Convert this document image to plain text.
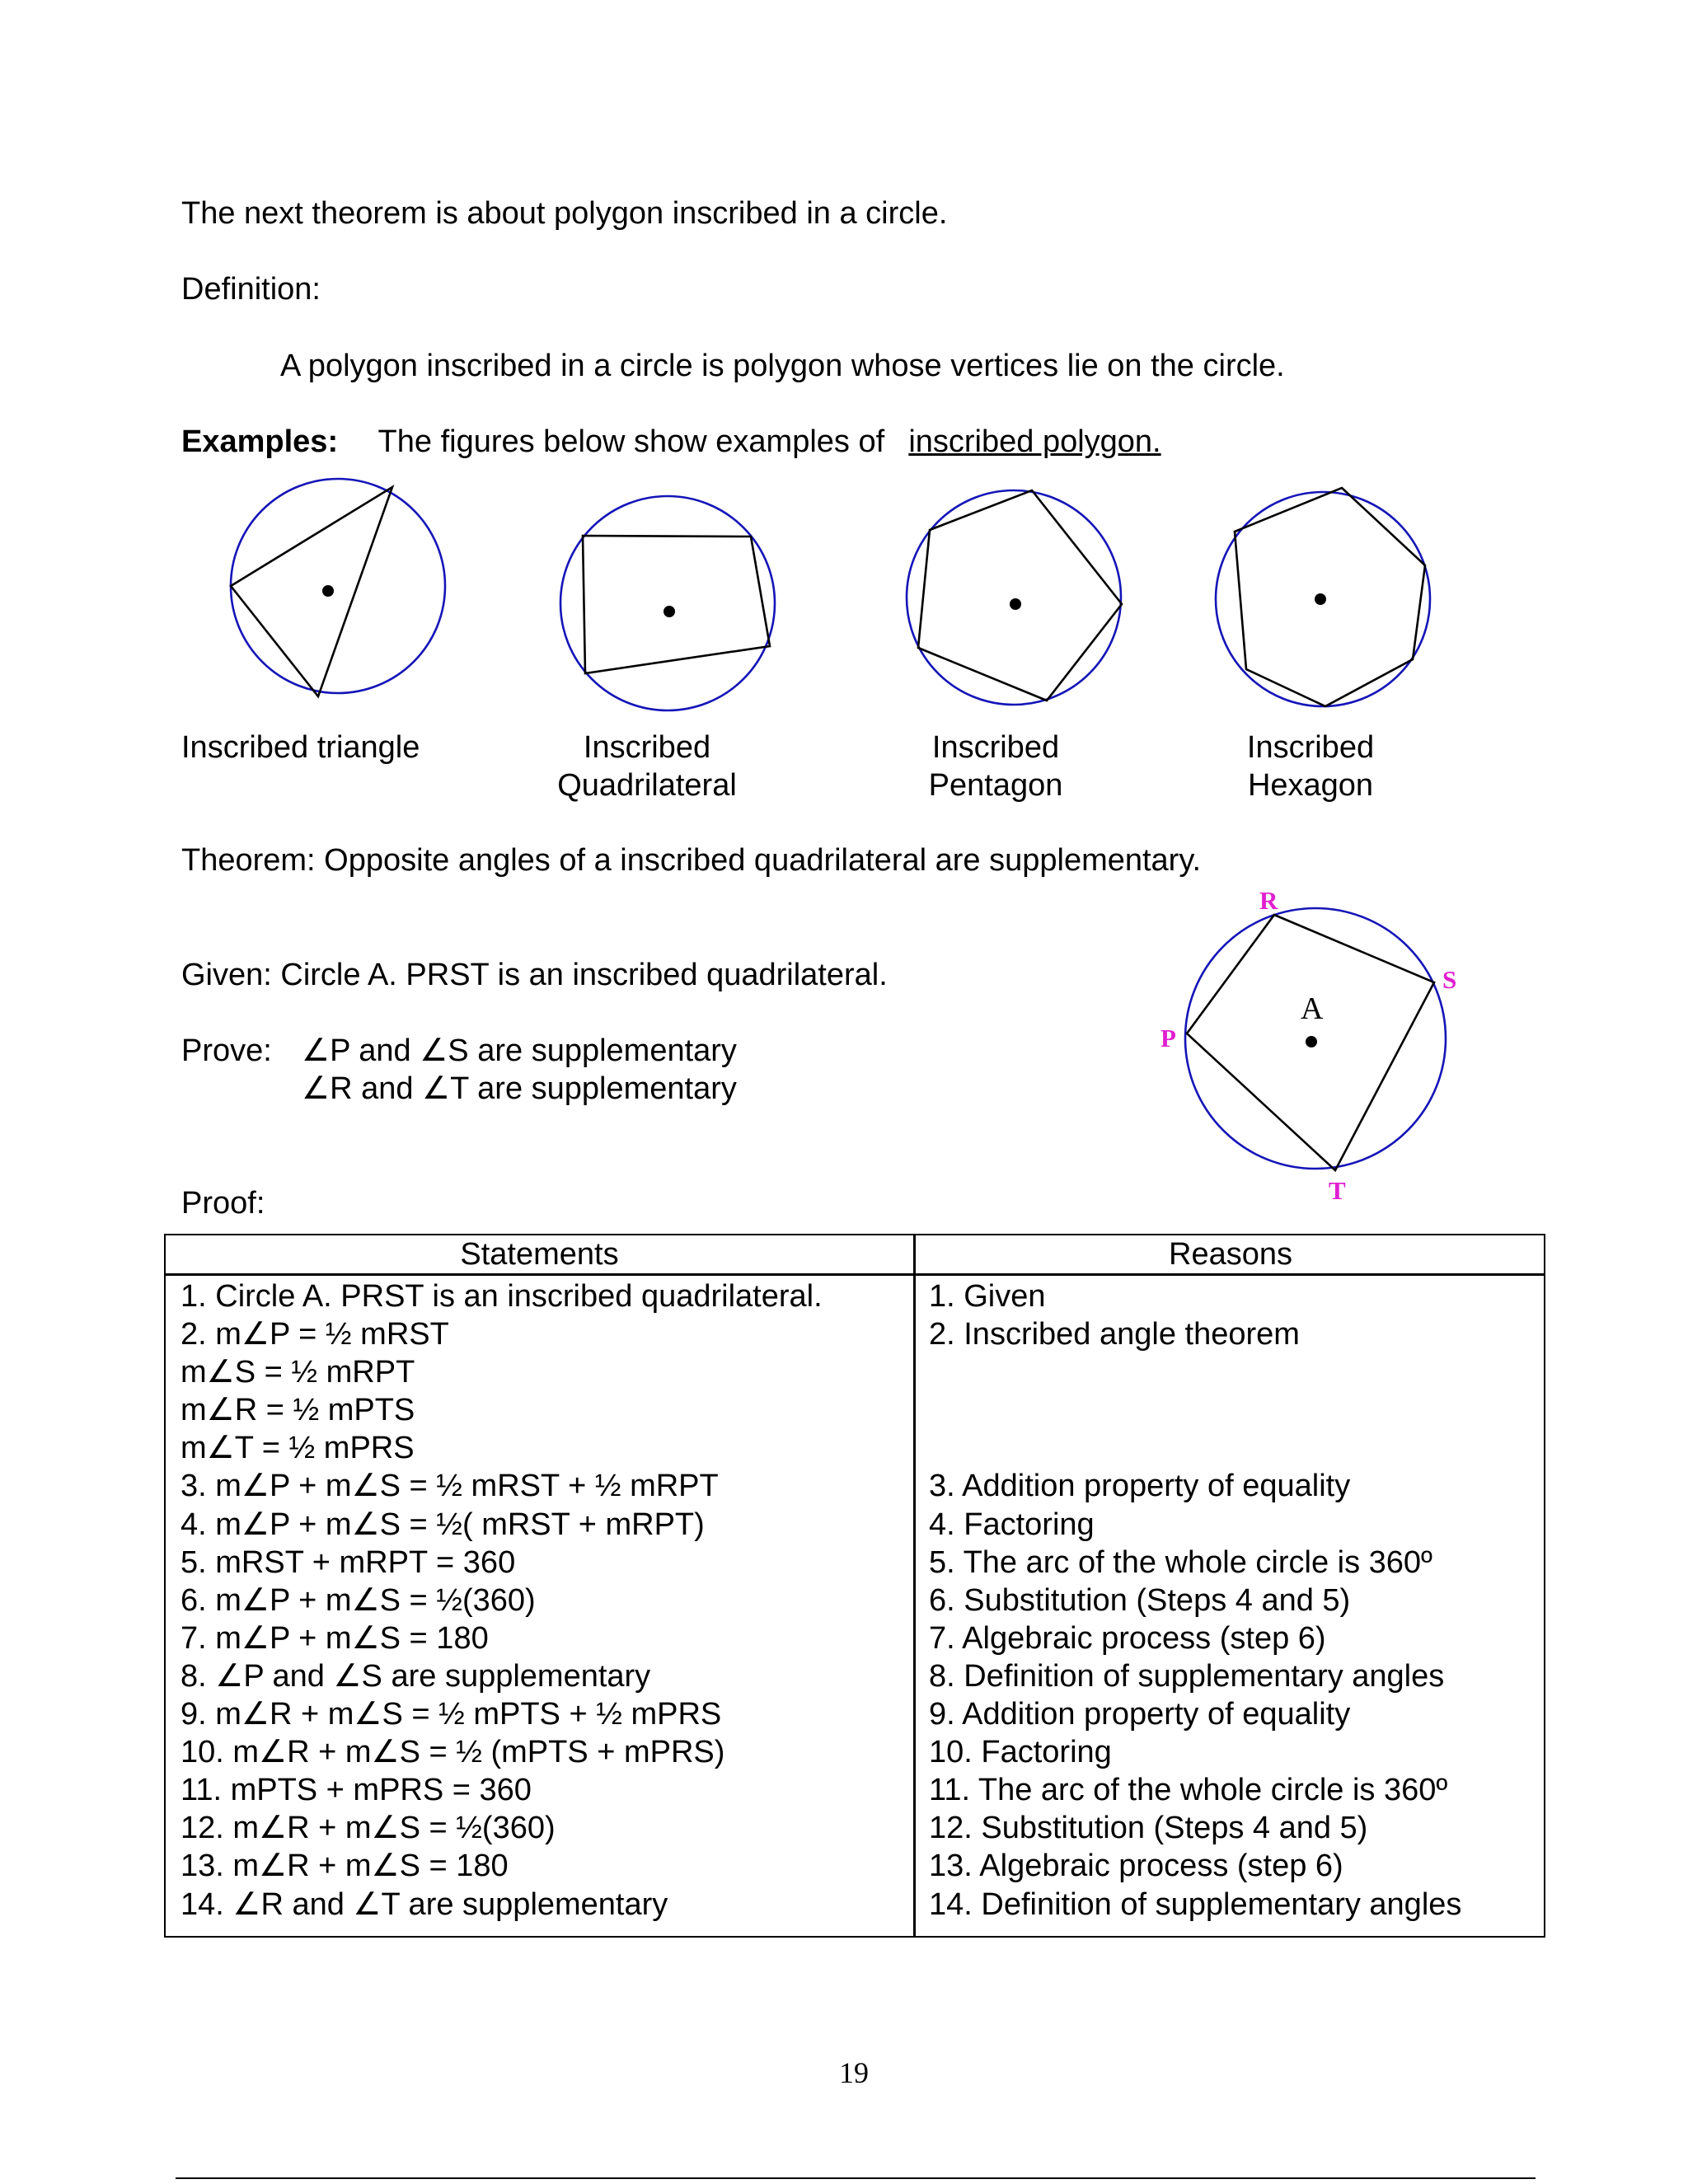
The next theorem is about polygon inscribed in a circle.
Definition:
A polygon inscribed in a circle is polygon whose vertices lie on the circle.
Examples: The figures below show examples of inscribed polygon.
Inscribed triangle	Inscribed
Quadrilateral
Inscribed
Pentagon
Inscribed
Hexagon
Theorem: Opposite angles of a inscribed quadrilateral are supplementary.
Given: Circle A. PRST is an inscribed quadrilateral.
Prove: ∠P and ∠S are supplementary
∠R and ∠T are supplementary
R
S
P
T
A
Proof:
Statements	Reasons
1. Circle A. PRST is an inscribed quadrilateral.
2. m∠P = ½ mRST
m∠S = ½ mRPT
m∠R = ½ mPTS
m∠T = ½ mPRS
3. m∠P + m∠S = ½ mRST + ½ mRPT
4. m∠P + m∠S = ½( mRST + mRPT)
5. mRST + mRPT = 360
6. m∠P + m∠S = ½(360)
7. m∠P + m∠S = 180
8. ∠P and ∠S are supplementary
9. m∠R + m∠S = ½ mPTS + ½ mPRS
10. m∠R + m∠S = ½ (mPTS + mPRS)
11. mPTS + mPRS = 360
12. m∠R + m∠S = ½(360)
13. m∠R + m∠S = 180
14. ∠R and ∠T are supplementary
1. Given
2. Inscribed angle theorem
3. Addition property of equality
4. Factoring
5. The arc of the whole circle is 360º
6. Substitution (Steps 4 and 5)
7. Algebraic process (step 6)
8. Definition of supplementary angles
9. Addition property of equality
10. Factoring
11. The arc of the whole circle is 360º
12. Substitution (Steps 4 and 5)
13. Algebraic process (step 6)
14. Definition of supplementary angles
19
